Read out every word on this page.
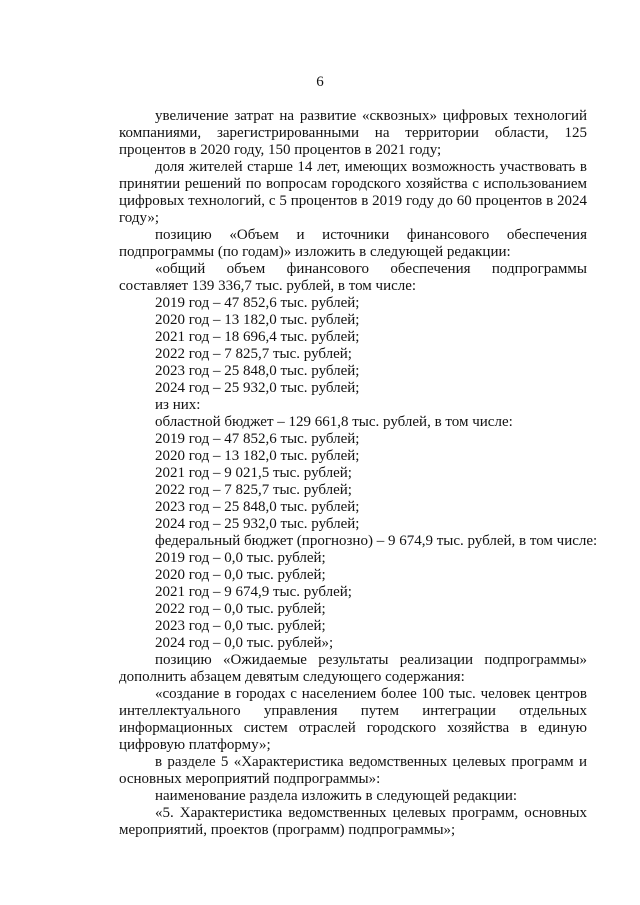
6

увеличение затрат на развитие «сквозных» цифровых технологий компаниями, зарегистрированными на территории области, 125 процентов в 2020 году, 150 процентов в 2021 году;

доля жителей старше 14 лет, имеющих возможность участвовать в принятии решений по вопросам городского хозяйства с использованием цифровых технологий, с 5 процентов в 2019 году до 60 процентов в 2024 году»;

позицию «Объем и источники финансового обеспечения подпрограммы (по годам)» изложить в следующей редакции:

«общий объем финансового обеспечения подпрограммы составляет 139 336,7 тыс. рублей, в том числе:

2019 год – 47 852,6 тыс. рублей;

2020 год – 13 182,0 тыс. рублей;

2021 год – 18 696,4 тыс. рублей;

2022 год – 7 825,7 тыс. рублей;

2023 год – 25 848,0 тыс. рублей;

2024 год – 25 932,0 тыс. рублей;

из них:

областной бюджет – 129 661,8 тыс. рублей, в том числе:

2019 год – 47 852,6 тыс. рублей;

2020 год – 13 182,0 тыс. рублей;

2021 год – 9 021,5 тыс. рублей;

2022 год – 7 825,7 тыс. рублей;

2023 год – 25 848,0 тыс. рублей;

2024 год – 25 932,0 тыс. рублей;

федеральный бюджет (прогнозно) – 9 674,9 тыс. рублей, в том числе:

2019 год – 0,0 тыс. рублей;

2020 год – 0,0 тыс. рублей;

2021 год – 9 674,9 тыс. рублей;

2022 год – 0,0 тыс. рублей;

2023 год – 0,0 тыс. рублей;

2024 год – 0,0 тыс. рублей»;

позицию «Ожидаемые результаты реализации подпрограммы» дополнить абзацем девятым следующего содержания:

«создание в городах с населением более 100 тыс. человек центров интеллектуального управления путем интеграции отдельных информационных систем отраслей городского хозяйства в единую цифровую платформу»;

в разделе 5 «Характеристика ведомственных целевых программ и основных мероприятий подпрограммы»:

наименование раздела изложить в следующей редакции:

«5. Характеристика ведомственных целевых программ, основных мероприятий, проектов (программ) подпрограммы»;
